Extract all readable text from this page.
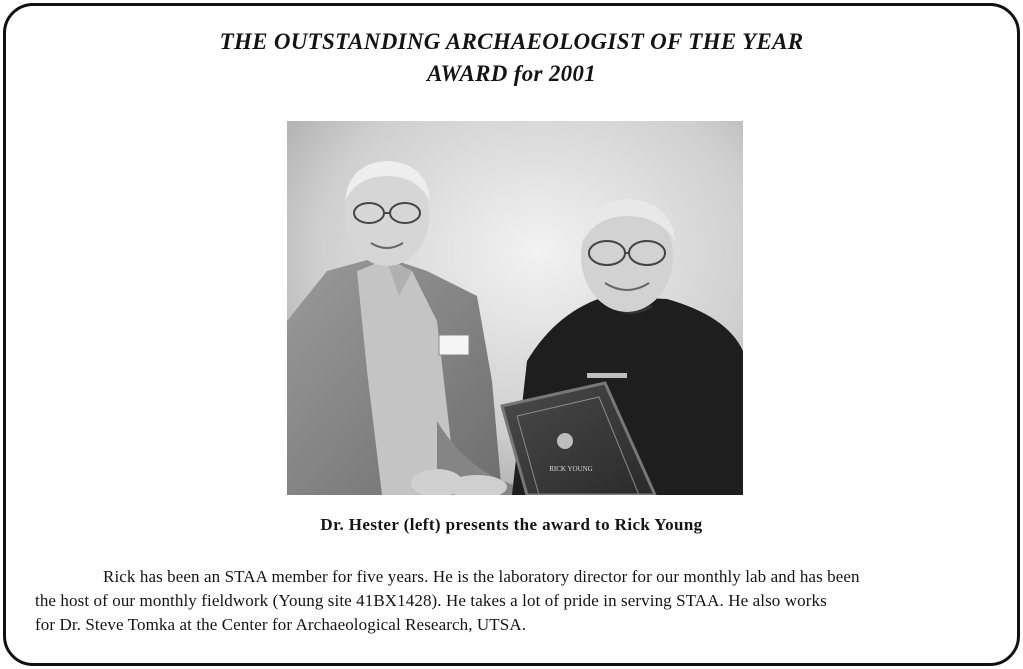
THE OUTSTANDING ARCHAEOLOGIST OF THE YEAR
AWARD for 2001
RICK YOUNG
Dr. Hester (left) presents the award to Rick Young

Rick has been an STAA member for five years. He is the laboratory director for our monthly lab and has been
the host of our monthly fieldwork (Young site 41BX1428). He takes a lot of pride in serving STAA. He also works
for Dr. Steve Tomka at the Center for Archaeological Research, UTSA.
